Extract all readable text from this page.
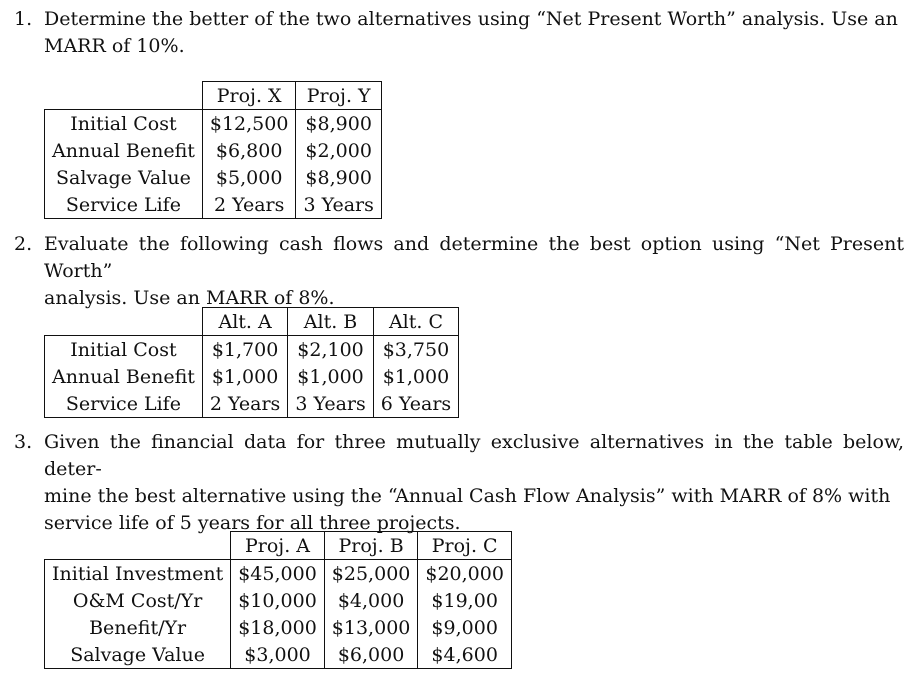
1. Determine the better of the two alternatives using “Net Present Worth” analysis. Use an
MARR of 10%.
	Proj. X	Proj. Y
Initial Cost	$12,500	$8,900
Annual Benefit	$6,800	$2,000
Salvage Value	$5,000	$8,900
Service Life	2 Years	3 Years
2. Evaluate the following cash flows and determine the best option using “Net Present Worth”
analysis. Use an MARR of 8%.
	Alt. A	Alt. B	Alt. C
Initial Cost	$1,700	$2,100	$3,750
Annual Benefit	$1,000	$1,000	$1,000
Service Life	2 Years	3 Years	6 Years
3. Given the financial data for three mutually exclusive alternatives in the table below, deter-
mine the best alternative using the “Annual Cash Flow Analysis” with MARR of 8% with
service life of 5 years for all three projects.
	Proj. A	Proj. B	Proj. C
Initial Investment	$45,000	$25,000	$20,000
O&M Cost/Yr	$10,000	$4,000	$19,00
Benefit/Yr	$18,000	$13,000	$9,000
Salvage Value	$3,000	$6,000	$4,600
